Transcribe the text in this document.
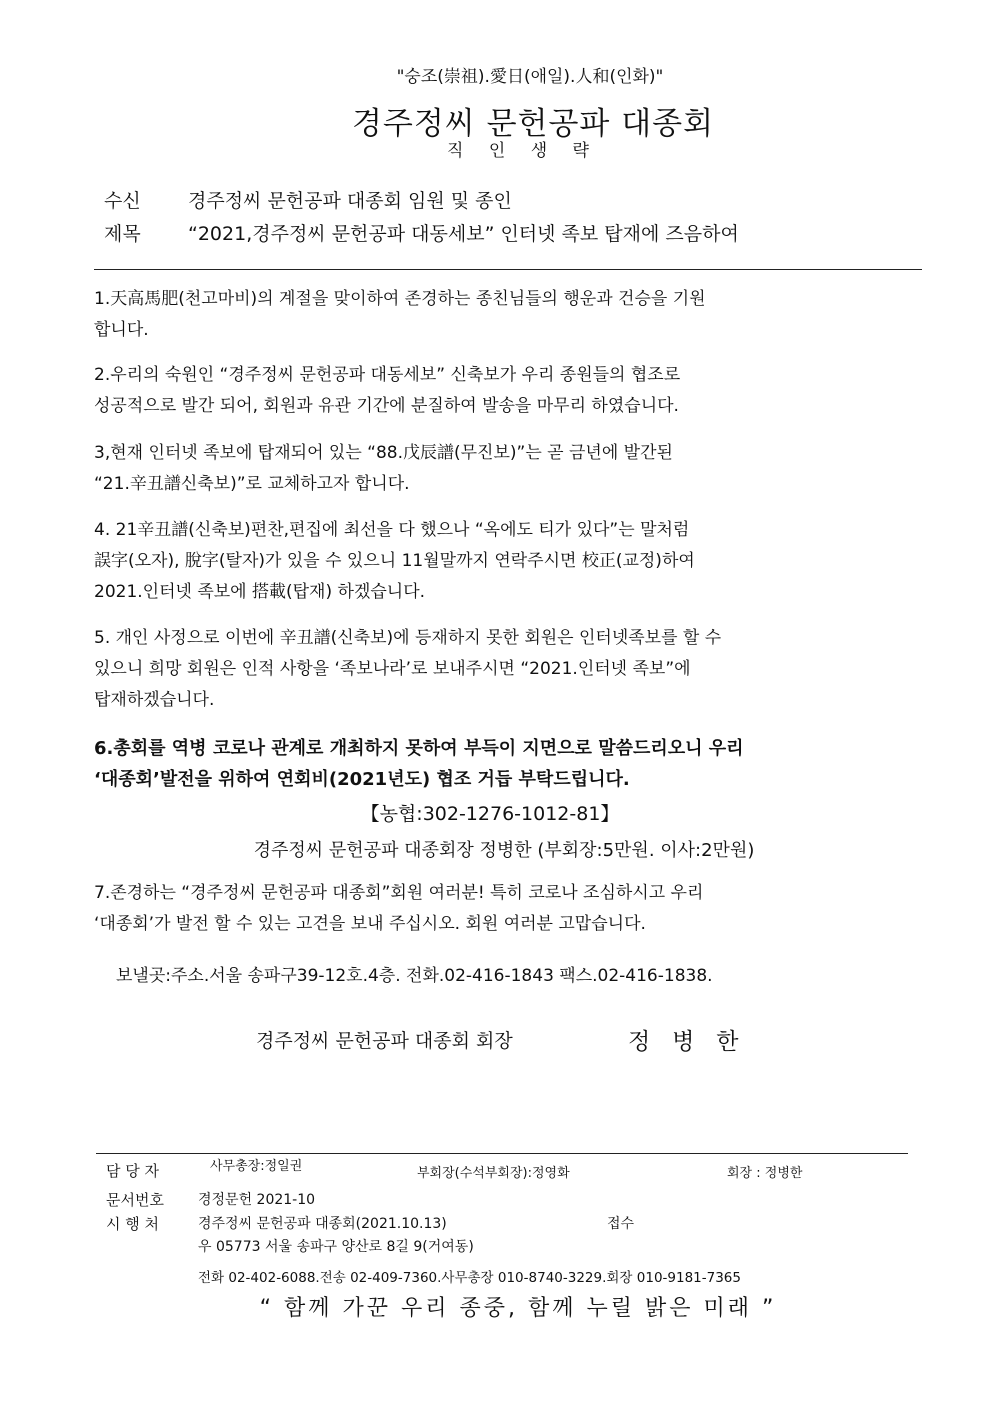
"숭조(崇祖).愛日(애일).人和(인화)"
경주정씨 문헌공파 대종회
직 인 생 략
수신 경주정씨 문헌공파 대종회 임원 및 종인
제목 “2021,경주정씨 문헌공파 대동세보” 인터넷 족보 탑재에 즈음하여
1.天高馬肥(천고마비)의 계절을 맞이하여 존경하는 종친님들의 행운과 건승을 기원
합니다.
2.우리의 숙원인 “경주정씨 문헌공파 대동세보” 신축보가 우리 종원들의 협조로
성공적으로 발간 되어, 회원과 유관 기간에 분질하여 발송을 마무리 하였습니다.
3,현재 인터넷 족보에 탑재되어 있는 “88.戊辰譜(무진보)”는 곧 금년에 발간된
“21.辛丑譜신축보)”로 교체하고자 합니다.
4. 21辛丑譜(신축보)편찬,편집에 최선을 다 했으나 “옥에도 티가 있다”는 말처럼
誤字(오자), 脫字(탈자)가 있을 수 있으니 11월말까지 연락주시면 校正(교정)하여
2021.인터넷 족보에 搭載(탑재) 하겠습니다.
5. 개인 사정으로 이번에 辛丑譜(신축보)에 등재하지 못한 회원은 인터넷족보를 할 수
있으니 희망 회원은 인적 사항을 ‘족보나라’로 보내주시면 “2021.인터넷 족보”에
탑재하겠습니다.
6.총회를 역병 코로나 관계로 개최하지 못하여 부득이 지면으로 말씀드리오니 우리
‘대종회’발전을 위하여 연회비(2021년도) 협조 거듭 부탁드립니다.
【농협:302-1276-1012-81】
경주정씨 문헌공파 대종회장 정병한 (부회장:5만원. 이사:2만원)
7.존경하는 “경주정씨 문헌공파 대종회”회원 여러분! 특히 코로나 조심하시고 우리
‘대종회’가 발전 할 수 있는 고견을 보내 주십시오. 회원 여러분 고맙습니다.
보낼곳:주소.서울 송파구39-12호.4층. 전화.02-416-1843 팩스.02-416-1838.
경주정씨 문헌공파 대종회 회장	정   병   한
담 당 자	사무총장:정일권	부회장(수석부회장):정영화	회장 : 정병한
문서번호 경정문헌 2021-10
시 행 처	경주정씨 문헌공파 대종회(2021.10.13)	접수
우 05773 서울 송파구 양산로 8길 9(거여동)
전화 02-402-6088.전송 02-409-7360.사무총장 010-8740-3229.회장 010-9181-7365
“ 함께 가꾼 우리 종중, 함께 누릴 밝은 미래 ”
